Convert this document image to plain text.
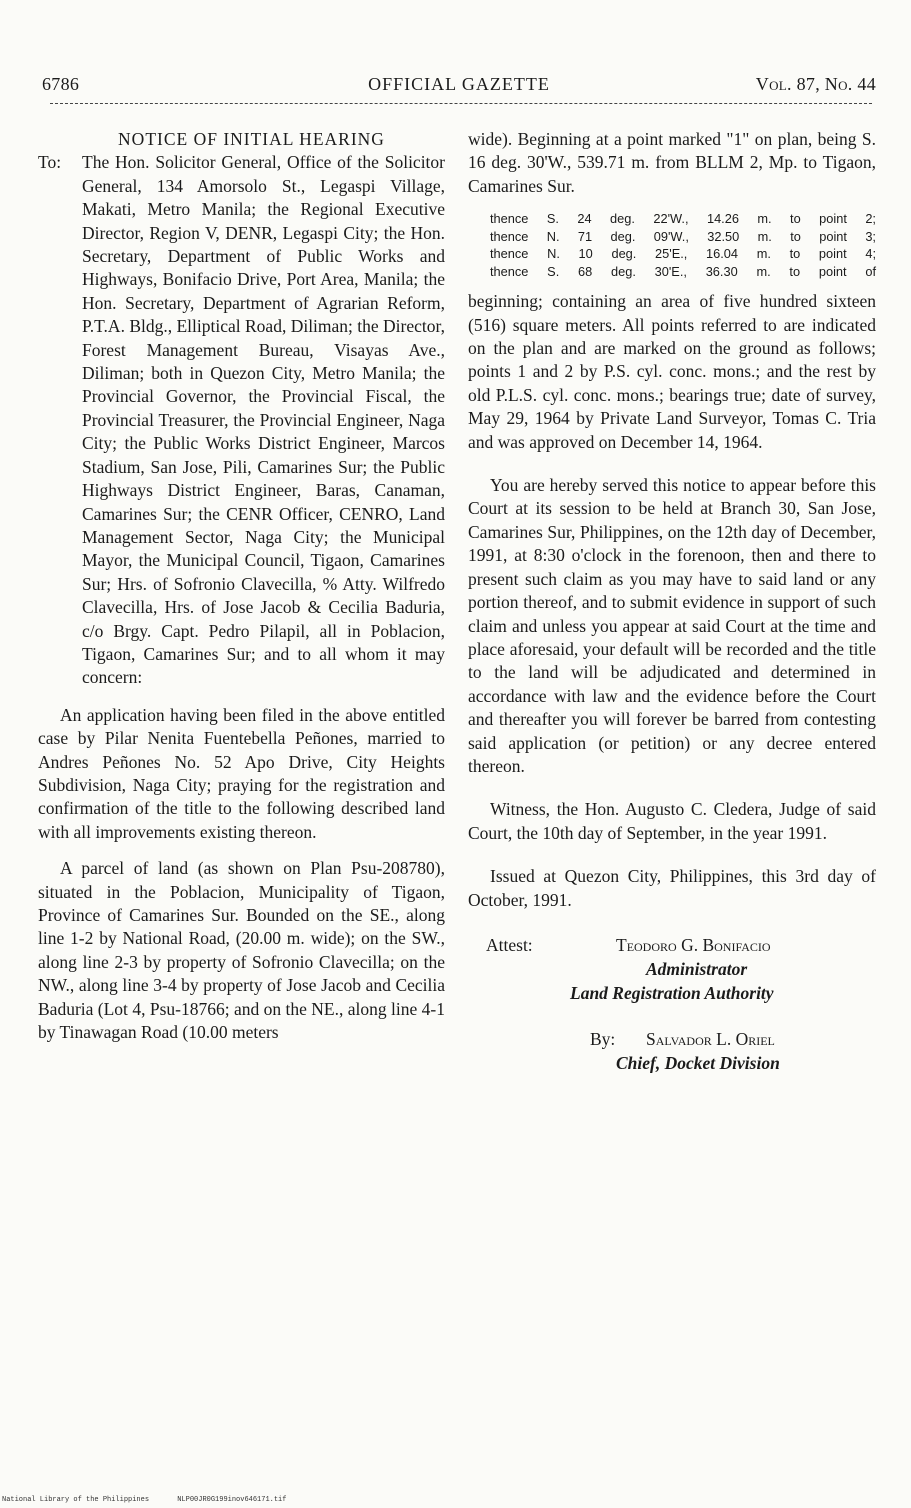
6786	OFFICIAL GAZETTE	Vol. 87, No. 44

NOTICE OF INITIAL HEARING

To:	The Hon. Solicitor General, Office of the Solicitor General, 134 Amorsolo St., Legaspi Village, Makati, Metro Manila; the Regional Executive Director, Region V, DENR, Legaspi City; the Hon. Secretary, Department of Public Works and Highways, Bonifacio Drive, Port Area, Manila; the Hon. Secretary, Department of Agrarian Reform, P.T.A. Bldg., Elliptical Road, Diliman; the Director, Forest Management Bureau, Visayas Ave., Diliman; both in Quezon City, Metro Manila; the Provincial Governor, the Provincial Fiscal, the Provincial Treasurer, the Provincial Engineer, Naga City; the Public Works District Engineer, Marcos Stadium, San Jose, Pili, Camarines Sur; the Public Highways District Engineer, Baras, Canaman, Camarines Sur; the CENR Officer, CENRO, Land Management Sector, Naga City; the Municipal Mayor, the Municipal Council, Tigaon, Camarines Sur; Hrs. of Sofronio Clavecilla, % Atty. Wilfredo Clavecilla, Hrs. of Jose Jacob & Cecilia Baduria, c/o Brgy. Capt. Pedro Pilapil, all in Poblacion, Tigaon, Camarines Sur; and to all whom it may concern:

An application having been filed in the above entitled case by Pilar Nenita Fuentebella Peñones, married to Andres Peñones No. 52 Apo Drive, City Heights Subdivision, Naga City; praying for the registration and confirmation of the title to the following described land with all improvements existing thereon.

A parcel of land (as shown on Plan Psu-208780), situated in the Poblacion, Municipality of Tigaon, Province of Camarines Sur. Bounded on the SE., along line 1-2 by National Road, (20.00 m. wide); on the SW., along line 2-3 by property of Sofronio Clavecilla; on the NW., along line 3-4 by property of Jose Jacob and Cecilia Baduria (Lot 4, Psu-18766; and on the NE., along line 4-1 by Tinawagan Road (10.00 meters

wide). Beginning at a point marked "1" on plan, being S. 16 deg. 30'W., 539.71 m. from BLLM 2, Mp. to Tigaon, Camarines Sur.

thence S. 24 deg. 22'W., 14.26 m. to point 2;
thence N. 71 deg. 09'W., 32.50 m. to point 3;
thence N. 10 deg. 25'E., 16.04 m. to point 4;
thence S. 68 deg. 30'E., 36.30 m. to point of

beginning; containing an area of five hundred sixteen (516) square meters. All points referred to are indicated on the plan and are marked on the ground as follows; points 1 and 2 by P.S. cyl. conc. mons.; and the rest by old P.L.S. cyl. conc. mons.; bearings true; date of survey, May 29, 1964 by Private Land Surveyor, Tomas C. Tria and was approved on December 14, 1964.

You are hereby served this notice to appear before this Court at its session to be held at Branch 30, San Jose, Camarines Sur, Philippines, on the 12th day of December, 1991, at 8:30 o'clock in the forenoon, then and there to present such claim as you may have to said land or any portion thereof, and to submit evidence in support of such claim and unless you appear at said Court at the time and place aforesaid, your default will be recorded and the title to the land will be adjudicated and determined in accordance with law and the evidence before the Court and thereafter you will forever be barred from contesting said application (or petition) or any decree entered thereon.

Witness, the Hon. Augusto C. Cledera, Judge of said Court, the 10th day of September, in the year 1991.

Issued at Quezon City, Philippines, this 3rd day of October, 1991.

Attest:	Teodoro G. Bonifacio
Administrator
Land Registration Authority
By: Salvador L. Oriel
Chief, Docket Division
National Library of the Philippines	NLP00JR0G199inov646171.tif
